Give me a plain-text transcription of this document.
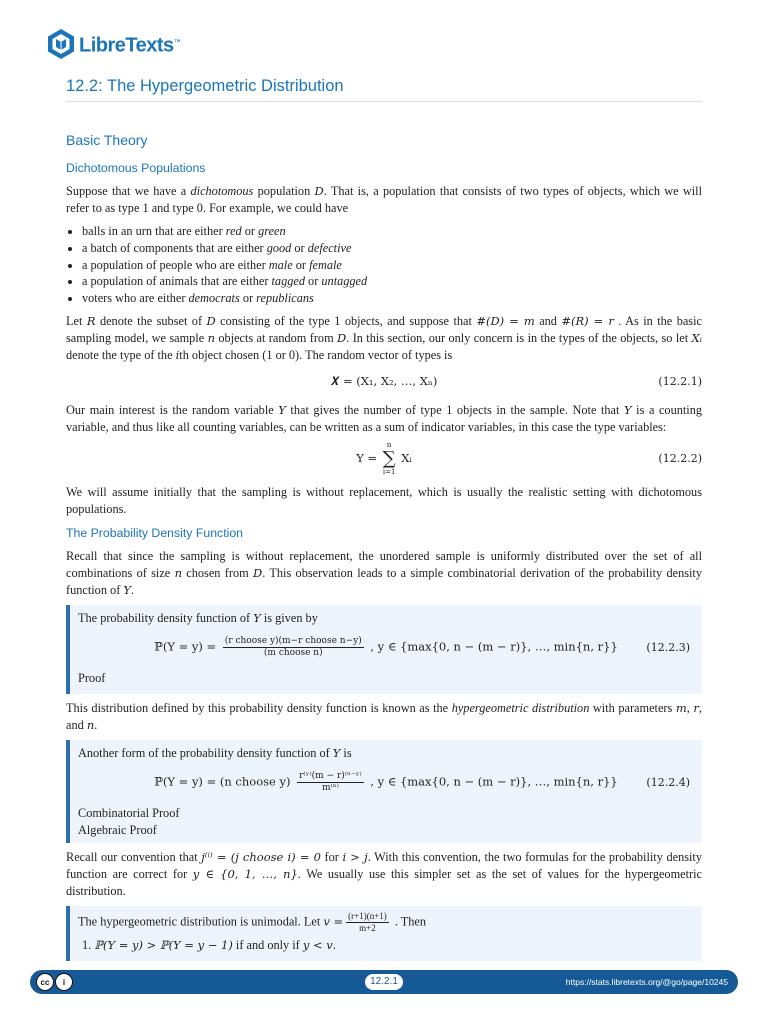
LibreTexts™
12.2: The Hypergeometric Distribution
Basic Theory
Dichotomous Populations

Suppose that we have a dichotomous population D. That is, a population that consists of two types of objects, which we will refer to as type 1 and type 0. For example, we could have

• balls in an urn that are either red or green
• a batch of components that are either good or defective
• a population of people who are either male or female
• a population of animals that are either tagged or untagged
• voters who are either democrats or republicans

Let R denote the subset of D consisting of the type 1 objects, and suppose that #(D) = m and #(R) = r . As in the basic sampling model, we sample n objects at random from D. In this section, our only concern is in the types of the objects, so let Xᵢ denote the type of the ith object chosen (1 or 0). The random vector of types is

𝑿 = (X₁, X₂, …, Xₙ)	(12.2.1)

Our main interest is the random variable Y that gives the number of type 1 objects in the sample. Note that Y is a counting variable, and thus like all counting variables, can be written as a sum of indicator variables, in this case the type variables:

Y =
n
∑
i=1
Xᵢ	(12.2.2)

We will assume initially that the sampling is without replacement, which is usually the realistic setting with dichotomous populations.

The Probability Density Function

Recall that since the sampling is without replacement, the unordered sample is uniformly distributed over the set of all combinations of size n chosen from D. This observation leads to a simple combinatorial derivation of the probability density function of Y.

The probability density function of Y is given by

ℙ(Y = $y) = \frac{\text{(r choose y)(m−r choose n−y)}}{\text{(m choose n)}}$ , y ∈ {max{0, n − (m − r)}, …, min{n, r}}	(12.2.3)

Proof

This distribution defined by this probability density function is known as the hypergeometric distribution with parameters m, r, and n.

Another form of the probability density function of Y is

ℙ(Y = y) = (n choose $y) \frac{\text{r⁽ʸ⁾(m − r)⁽ⁿ⁻ʸ⁾}}{\text{m⁽ⁿ⁾}}$ , y ∈ {max{0, n − (m − r)}, …, min{n, r}}	(12.2.4)

Combinatorial Proof

Algebraic Proof

Recall our convention that j⁽ⁱ⁾ = (j choose i) = 0 for i > j. With this convention, the two formulas for the probability density function are correct for y ∈ {0, 1, …, n}. We usually use this simpler set as the set of values for the hypergeometric distribution.

The hypergeometric distribution is unimodal. Let $v = \frac{(r+1)(n+1)}{m+2}$ . Then

1. ℙ(Y = y) > ℙ(Y = y − 1) if and only if y < v.

cc	i	12.2.1	https://stats.libretexts.org/@go/page/10245
